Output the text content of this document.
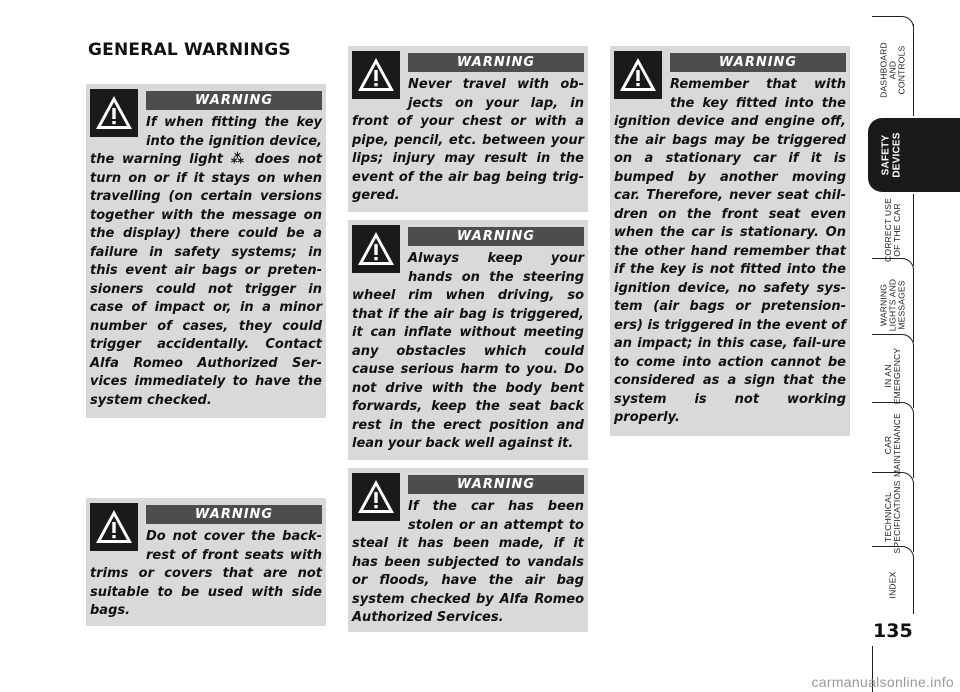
GENERAL WARNINGS
WARNING
If when fitting the key into the ignition device, the warning light ⁂ does not turn on or if it stays on when travelling (on certain versions together with the message on the display) there could be a failure in safety systems; in this event air bags or preten-sioners could not trigger in case of impact or, in a minor number of cases, they could trigger accidentally. Contact Alfa Romeo Authorized Ser-vices immediately to have the system checked.
WARNING
Do not cover the back-rest of front seats with trims or covers that are not suitable to be used with side bags.
WARNING
Never travel with ob-jects on your lap, in front of your chest or with a pipe, pencil, etc. between your lips; injury may result in the event of the air bag being trig-gered.
WARNING
Always keep your hands on the steering wheel rim when driving, so that if the air bag is triggered, it can inflate without meeting any obstacles which could cause serious harm to you. Do not drive with the body bent forwards, keep the seat back rest in the erect position and lean your back well against it.
WARNING
If the car has been stolen or an attempt to steal it has been made, if it has been subjected to vandals or floods, have the air bag system checked by Alfa Romeo Authorized Services.
WARNING
Remember that with the key fitted into the ignition device and engine off, the air bags may be triggered on a stationary car if it is bumped by another moving car. Therefore, never seat chil-dren on the front seat even when the car is stationary. On the other hand remember that if the key is not fitted into the ignition device, no safety sys-tem (air bags or pretension-ers) is triggered in the event of an impact; in this case, fail-ure to come into action cannot be considered as a sign that the system is not working properly.
DASHBOARD
AND
CONTROLS
SAFETY
DEVICES
CORRECT USE
OF THE CAR
WARNING
LIGHTS AND
MESSAGES
IN AN
EMERGENCY
CAR
MAINTENANCE
TECHNICAL
SPECIFICATIONS
INDEX
135
carmanualsonline.info
